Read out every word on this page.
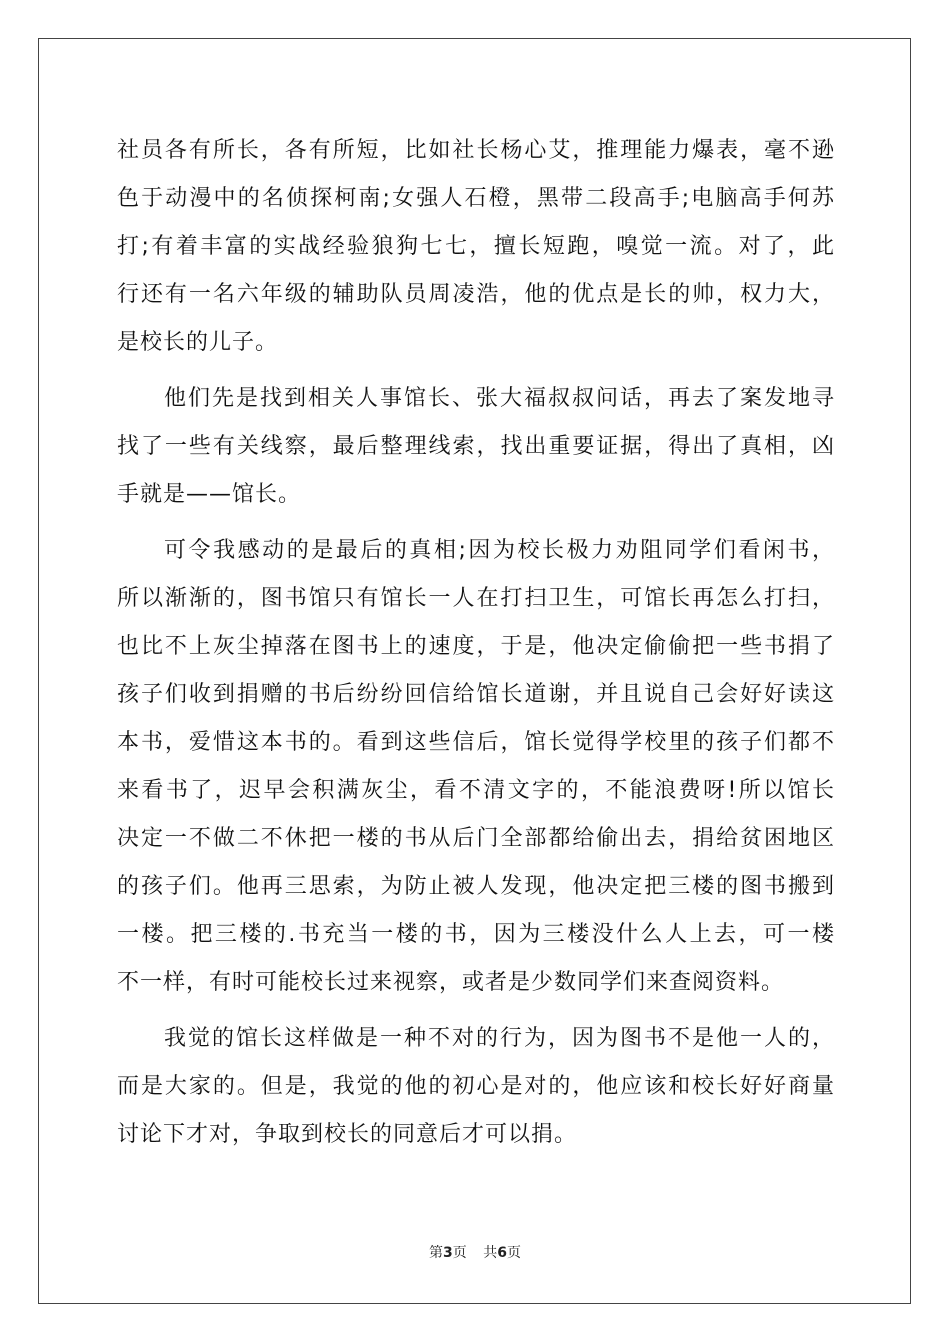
社员各有所长，各有所短，比如社长杨心艾，推理能力爆表，毫不逊
色于动漫中的名侦探柯南;女强人石橙，黑带二段高手;电脑高手何苏
打;有着丰富的实战经验狼狗七七，擅长短跑，嗅觉一流。对了，此
行还有一名六年级的辅助队员周凌浩，他的优点是长的帅，权力大，
是校长的儿子。
他们先是找到相关人事馆长、张大福叔叔问话，再去了案发地寻
找了一些有关线察，最后整理线索，找出重要证据，得出了真相，凶
手就是——馆长。
可令我感动的是最后的真相;因为校长极力劝阻同学们看闲书，
所以渐渐的，图书馆只有馆长一人在打扫卫生，可馆长再怎么打扫，
也比不上灰尘掉落在图书上的速度，于是，他决定偷偷把一些书捐了
孩子们收到捐赠的书后纷纷回信给馆长道谢，并且说自己会好好读这
本书，爱惜这本书的。看到这些信后，馆长觉得学校里的孩子们都不
来看书了，迟早会积满灰尘，看不清文字的，不能浪费呀!所以馆长
决定一不做二不休把一楼的书从后门全部都给偷出去，捐给贫困地区
的孩子们。他再三思索，为防止被人发现，他决定把三楼的图书搬到
一楼。把三楼的.书充当一楼的书，因为三楼没什么人上去，可一楼
不一样，有时可能校长过来视察，或者是少数同学们来查阅资料。
我觉的馆长这样做是一种不对的行为，因为图书不是他一人的，
而是大家的。但是，我觉的他的初心是对的，他应该和校长好好商量
讨论下才对，争取到校长的同意后才可以捐。
第3页 共6页
